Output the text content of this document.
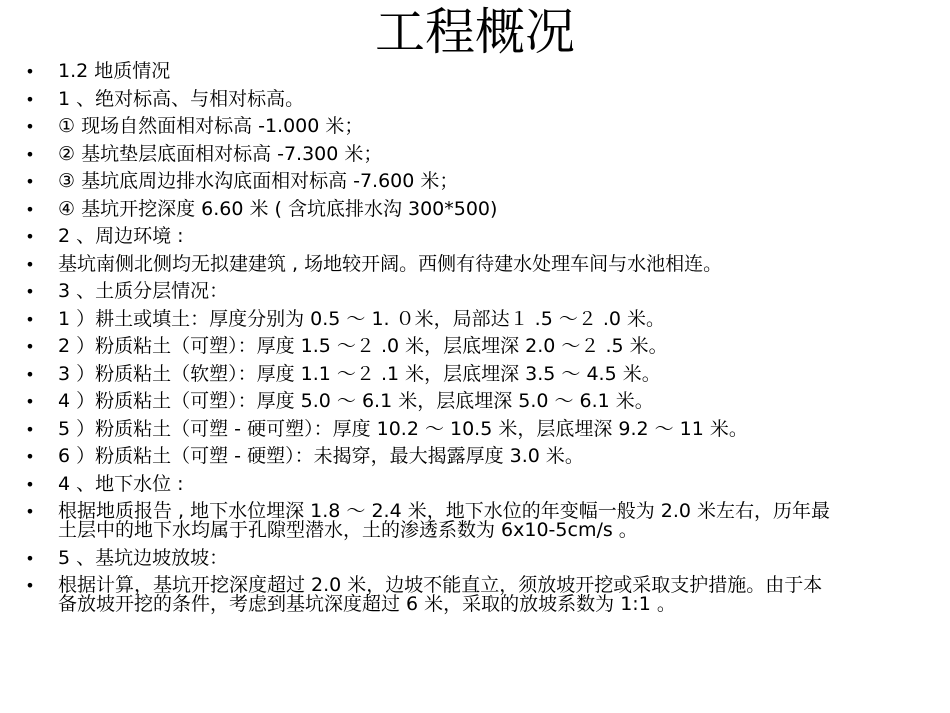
工程概况
• 1.2 地质情况
• 1 、绝对标高、与相对标高。
• ① 现场自然面相对标高 -1.000 米；
• ② 基坑垫层底面相对标高 -7.300 米；
• ③ 基坑底周边排水沟底面相对标高 -7.600 米；
• ④ 基坑开挖深度 6.60 米 ( 含坑底排水沟 300*500)
• 2 、周边环境 :
• 基坑南侧北侧均无拟建建筑 , 场地较开阔。西侧有待建水处理车间与水池相连。
• 3 、土质分层情况：
• 1 ）耕土或填土：厚度分别为 0.5 ～ 1. ０米，局部达１ .5 ～２ .0 米。
• 2 ）粉质粘土（可塑）：厚度 1.5 ～２ .0 米，层底埋深 2.0 ～２ .5 米。
• 3 ）粉质粘土（软塑）：厚度 1.1 ～２ .1 米，层底埋深 3.5 ～ 4.5 米。
• 4 ）粉质粘土（可塑）：厚度 5.0 ～ 6.1 米，层底埋深 5.0 ～ 6.1 米。
• 5 ）粉质粘土（可塑 - 硬可塑）：厚度 10.2 ～ 10.5 米，层底埋深 9.2 ～ 11 米。
• 6 ）粉质粘土（可塑 - 硬塑）：未揭穿，最大揭露厚度 3.0 米。
• 4 、地下水位 :
• 根据地质报告 , 地下水位埋深 1.8 ～ 2.4 米，地下水位的年变幅一般为 2.0 米左右，历年最
土层中的地下水均属于孔隙型潜水，土的渗透系数为 6x10-5cm/s 。
• 5 、基坑边坡放坡：
• 根据计算，基坑开挖深度超过 2.0 米，边坡不能直立，须放坡开挖或采取支护措施。由于本
备放坡开挖的条件，考虑到基坑深度超过 6 米，采取的放坡系数为 1:1 。
